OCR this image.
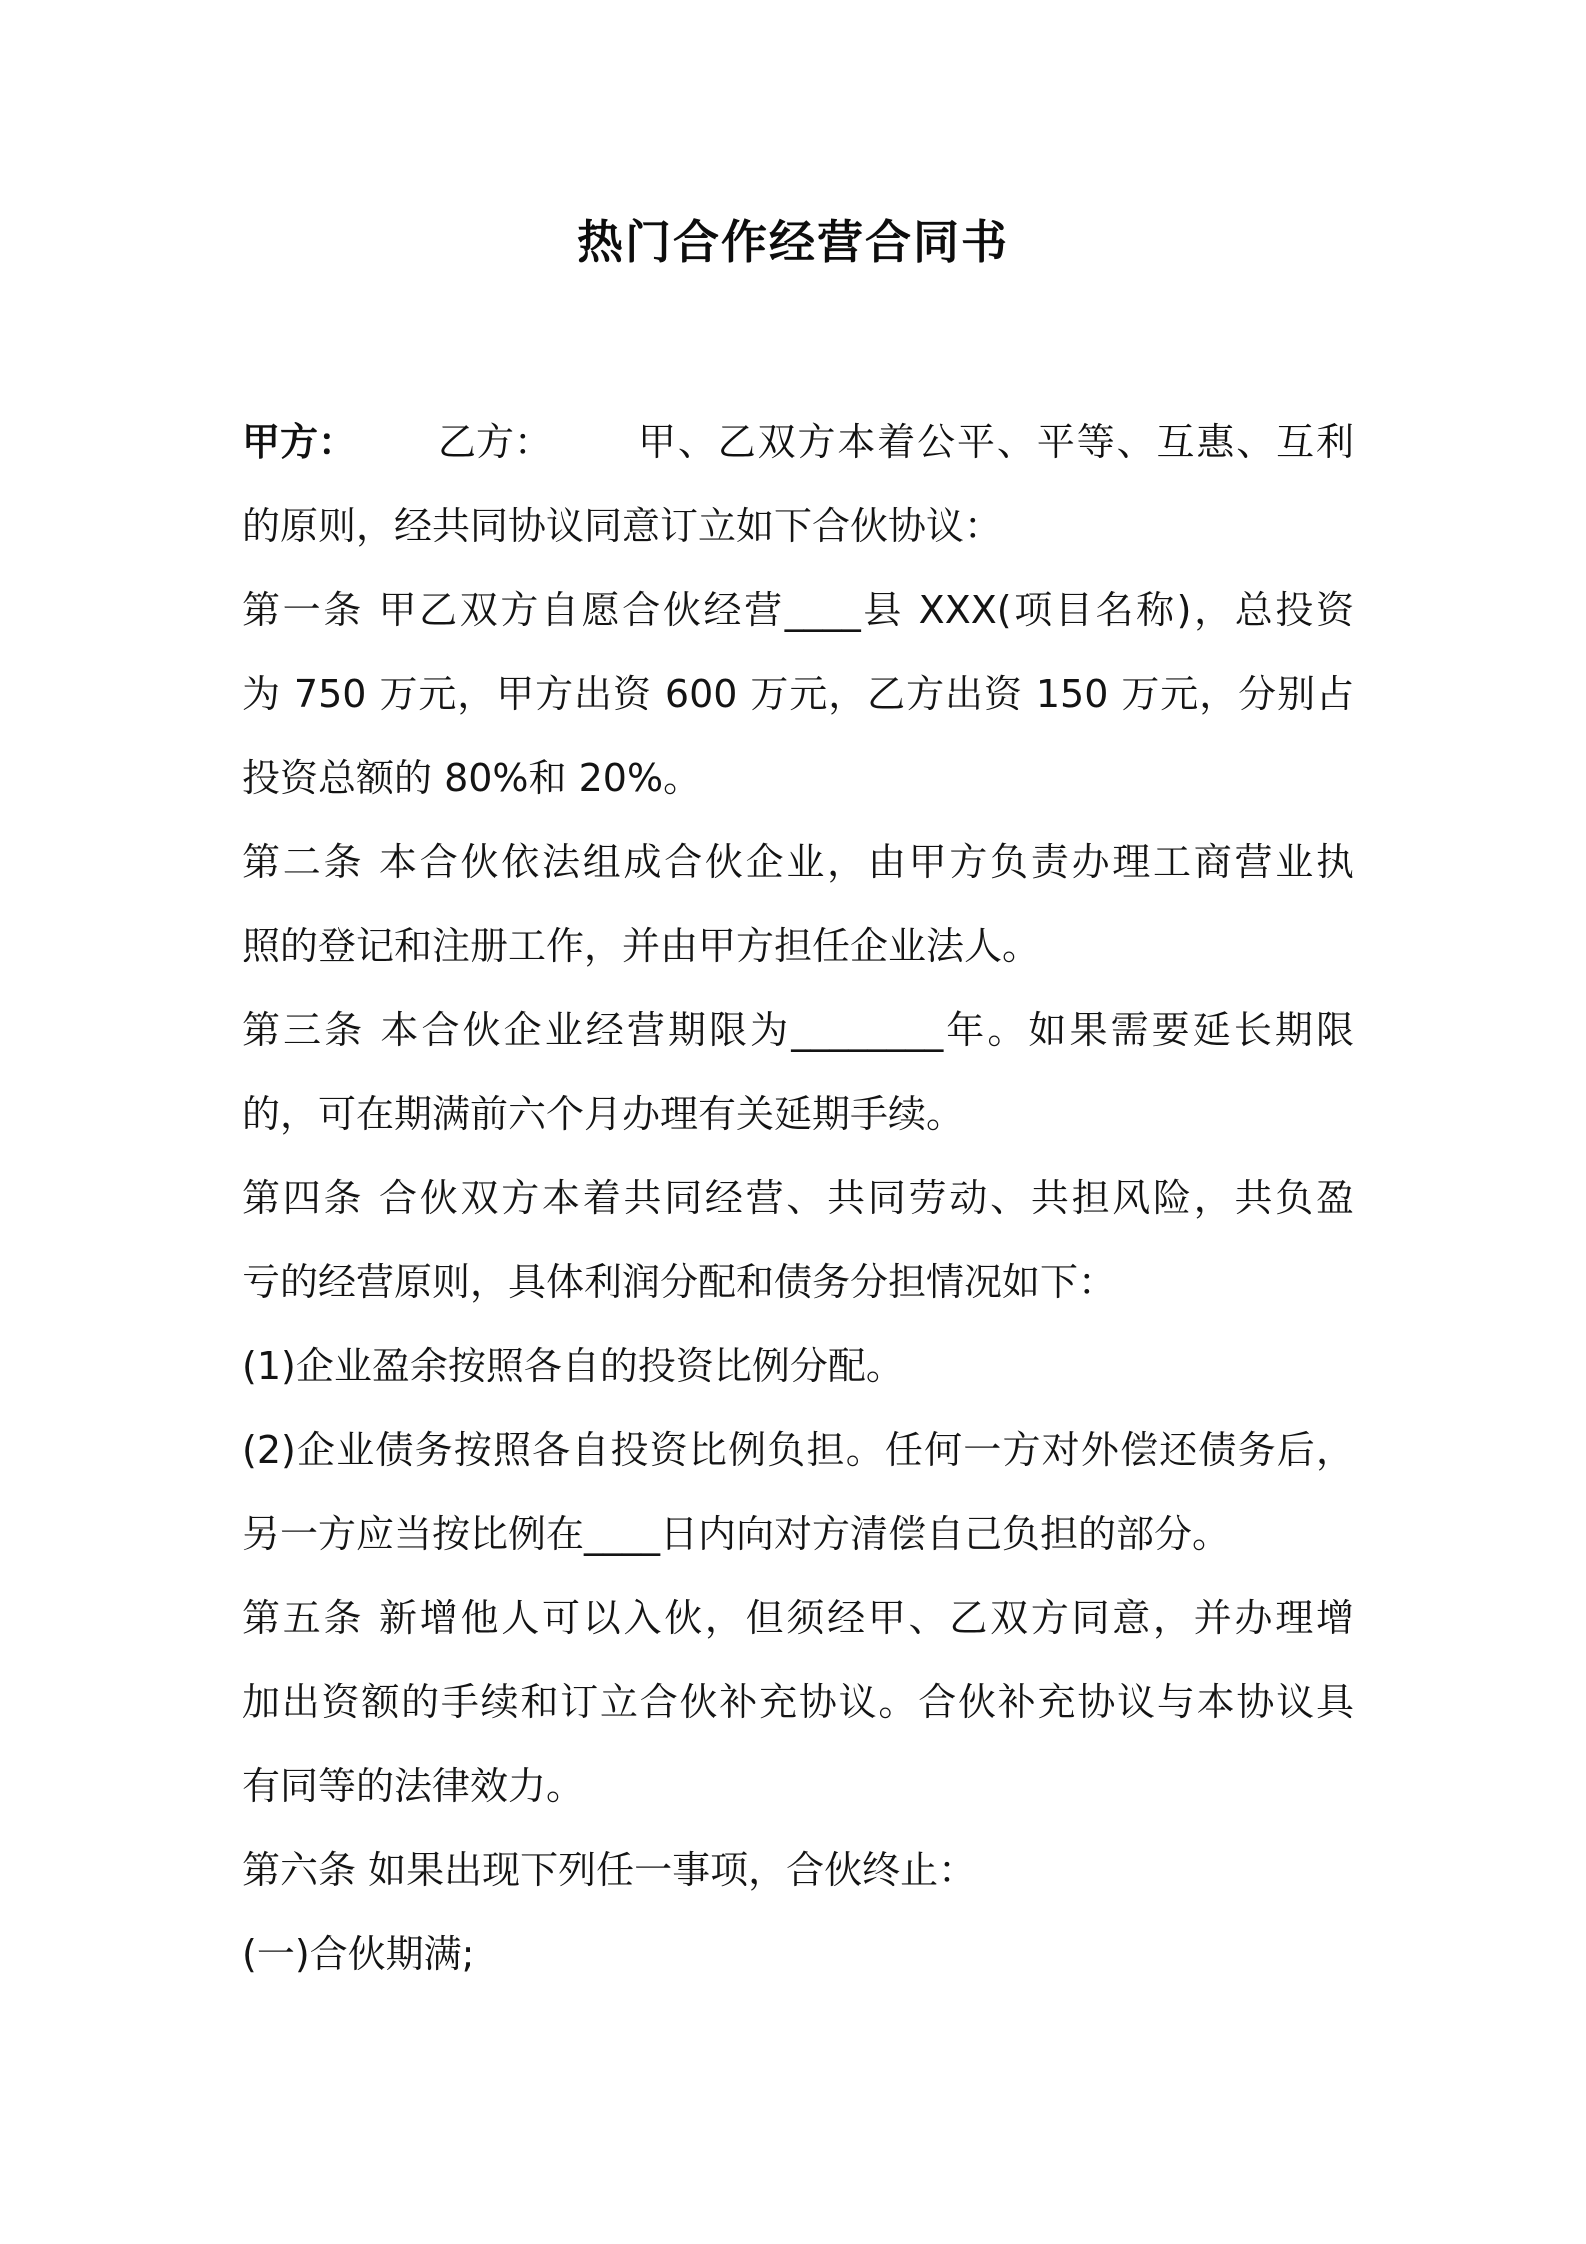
热门合作经营合同书
甲方：	乙方：	甲、乙双方本着公平、平等、互惠、互利
的原则，经共同协议同意订立如下合伙协议：
第一条 甲乙双方自愿合伙经营____县 XXX(项目名称)，总投资
为 750 万元，甲方出资 600 万元，乙方出资 150 万元，分别占
投资总额的 80%和 20%。
第二条 本合伙依法组成合伙企业，由甲方负责办理工商营业执
照的登记和注册工作，并由甲方担任企业法人。
第三条 本合伙企业经营期限为________年。如果需要延长期限
的，可在期满前六个月办理有关延期手续。
第四条 合伙双方本着共同经营、共同劳动、共担风险，共负盈
亏的经营原则，具体利润分配和债务分担情况如下：
(1)企业盈余按照各自的投资比例分配。
(2)企业债务按照各自投资比例负担。任何一方对外偿还债务后，
另一方应当按比例在____日内向对方清偿自己负担的部分。
第五条 新增他人可以入伙，但须经甲、乙双方同意，并办理增
加出资额的手续和订立合伙补充协议。合伙补充协议与本协议具
有同等的法律效力。
第六条 如果出现下列任一事项，合伙终止：
(一)合伙期满;
